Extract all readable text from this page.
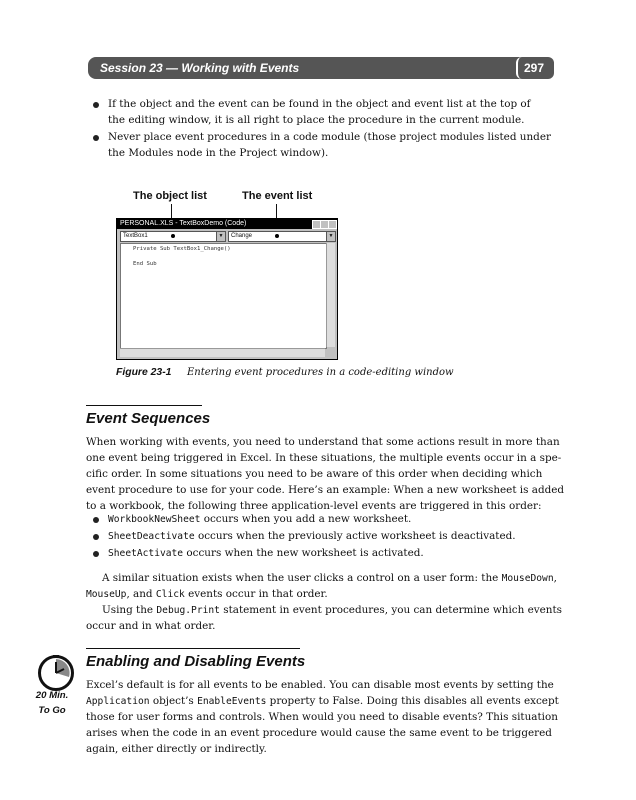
Session 23 — Working with Events	297
If the object and the event can be found in the object and event list at the top of
the editing window, it is all right to place the procedure in the current module.
Never place event procedures in a code module (those project modules listed under
the Modules node in the Project window).
The object list	The event list
PERSONAL.XLS - TextBoxDemo (Code)
TextBox1	▼	Change	▼
Private Sub TextBox1_Change()
End Sub
Figure 23-1 Entering event procedures in a code-editing window
Event Sequences
When working with events, you need to understand that some actions result in more than
one event being triggered in Excel. In these situations, the multiple events occur in a spe-
cific order. In some situations you need to be aware of this order when deciding which
event procedure to use for your code. Here’s an example: When a new worksheet is added
to a workbook, the following three application-level events are triggered in this order:
WorkbookNewSheet occurs when you add a new worksheet.
SheetDeactivate occurs when the previously active worksheet is deactivated.
SheetActivate occurs when the new worksheet is activated.
A similar situation exists when the user clicks a control on a user form: the MouseDown,
MouseUp, and Click events occur in that order.
Using the Debug.Print statement in event procedures, you can determine which events
occur and in what order.
Enabling and Disabling Events
20 Min.
To Go
Excel’s default is for all events to be enabled. You can disable most events by setting the
Application object’s EnableEvents property to False. Doing this disables all events except
those for user forms and controls. When would you need to disable events? This situation
arises when the code in an event procedure would cause the same event to be triggered
again, either directly or indirectly.
